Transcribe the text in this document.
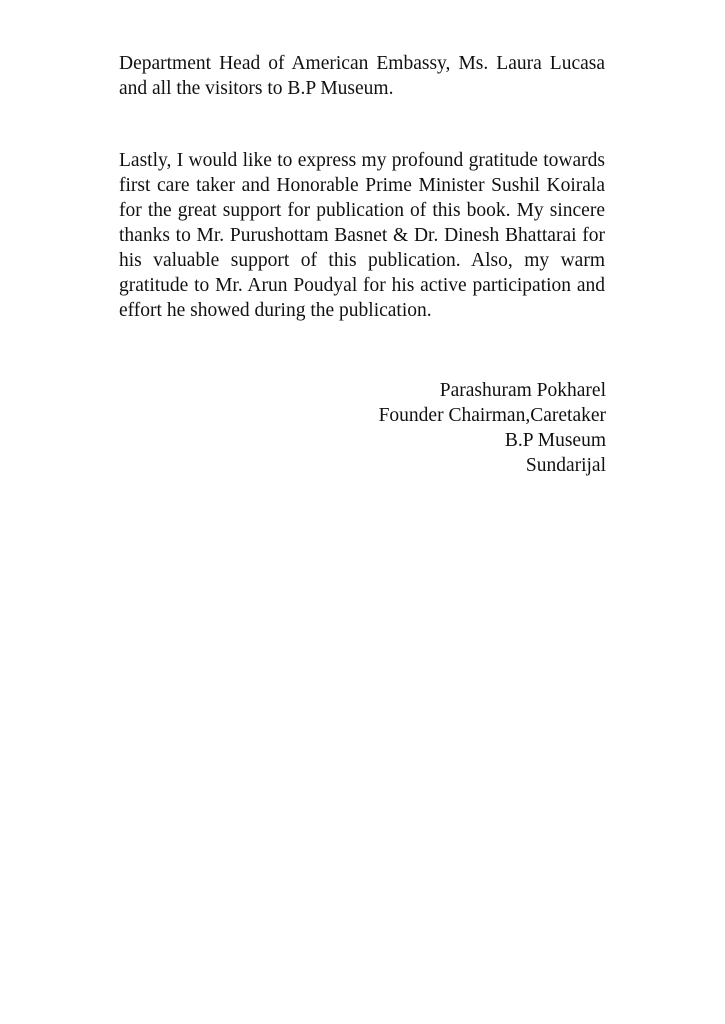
Department Head of American Embassy, Ms. Laura Lucasa and all the visitors to B.P Museum.

Lastly, I would like to express my profound gratitude towards first care taker and Honorable Prime Minister Sushil Koirala for the great support for publication of this book. My sincere thanks to Mr. Purushottam Basnet & Dr. Dinesh Bhattarai for his valuable support of this publication. Also, my warm gratitude to Mr. Arun Poudyal for his active participation and effort he showed during the publication.

Parashuram Pokharel
Founder Chairman,Caretaker
B.P Museum
Sundarijal
